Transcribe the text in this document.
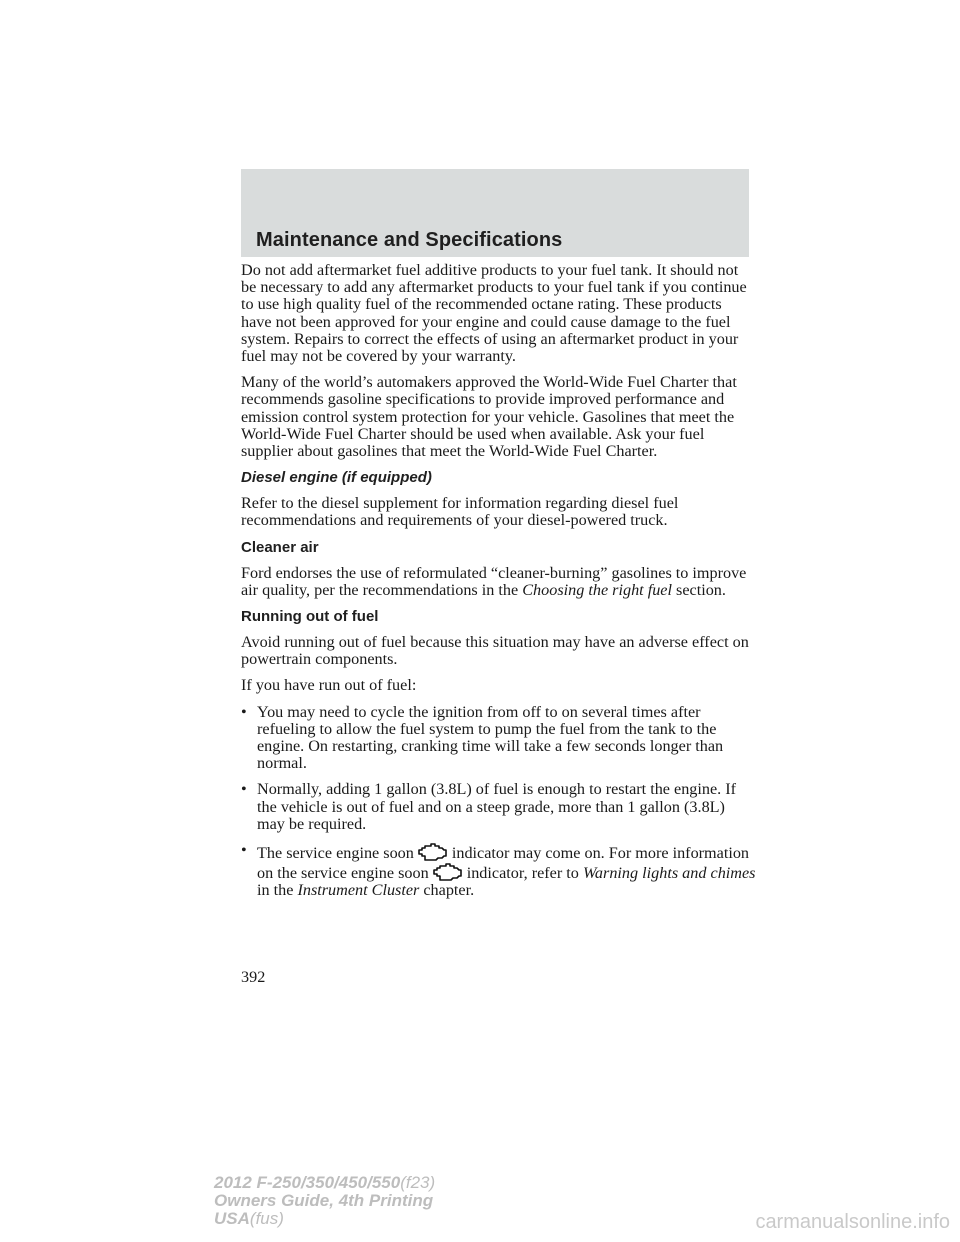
Maintenance and Specifications

Do not add aftermarket fuel additive products to your fuel tank. It should not be necessary to add any aftermarket products to your fuel tank if you continue to use high quality fuel of the recommended octane rating. These products have not been approved for your engine and could cause damage to the fuel system. Repairs to correct the effects of using an aftermarket product in your fuel may not be covered by your warranty.

Many of the world’s automakers approved the World-Wide Fuel Charter that recommends gasoline specifications to provide improved performance and emission control system protection for your vehicle. Gasolines that meet the World-Wide Fuel Charter should be used when available. Ask your fuel supplier about gasolines that meet the World-Wide Fuel Charter.

Diesel engine (if equipped)

Refer to the diesel supplement for information regarding diesel fuel recommendations and requirements of your diesel-powered truck.

Cleaner air

Ford endorses the use of reformulated “cleaner-burning” gasolines to improve air quality, per the recommendations in the Choosing the right fuel section.

Running out of fuel

Avoid running out of fuel because this situation may have an adverse effect on powertrain components.

If you have run out of fuel:

• You may need to cycle the ignition from off to on several times after refueling to allow the fuel system to pump the fuel from the tank to the engine. On restarting, cranking time will take a few seconds longer than normal.
• Normally, adding 1 gallon (3.8L) of fuel is enough to restart the engine. If the vehicle is out of fuel and on a steep grade, more than 1 gallon (3.8L) may be required.
• The service engine soon indicator may come on. For more information on the service engine soon indicator, refer to Warning lights and chimes in the Instrument Cluster chapter.
392
2012 F-250/350/450/550(f23)
Owners Guide, 4th Printing
USA(fus)	carmanualsonline.info
